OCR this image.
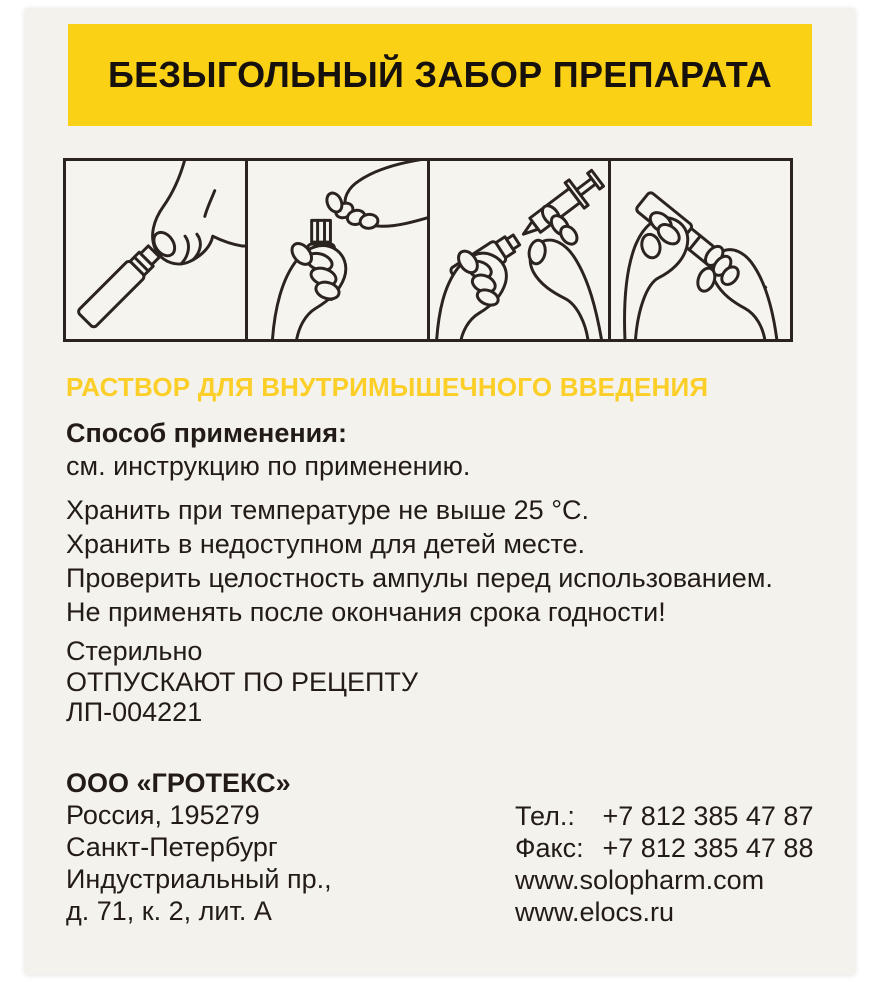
БЕЗЫГОЛЬНЫЙ ЗАБОР ПРЕПАРАТА
РАСТВОР ДЛЯ ВНУТРИМЫШЕЧНОГО ВВЕДЕНИЯ
Способ применения:
см. инструкцию по применению.
Хранить при температуре не выше 25 °С.
Хранить в недоступном для детей месте.
Проверить целостность ампулы перед использованием.
Не применять после окончания срока годности!
Стерильно
ОТПУСКАЮТ ПО РЕЦЕПТУ
ЛП-004221
ООО «ГРОТЕКС»
Россия, 195279
Санкт-Петербург
Индустриальный пр.,
д. 71, к. 2, лит. А
Тел.: +7 812 385 47 87
Факс: +7 812 385 47 88
www.solopharm.com
www.elocs.ru
